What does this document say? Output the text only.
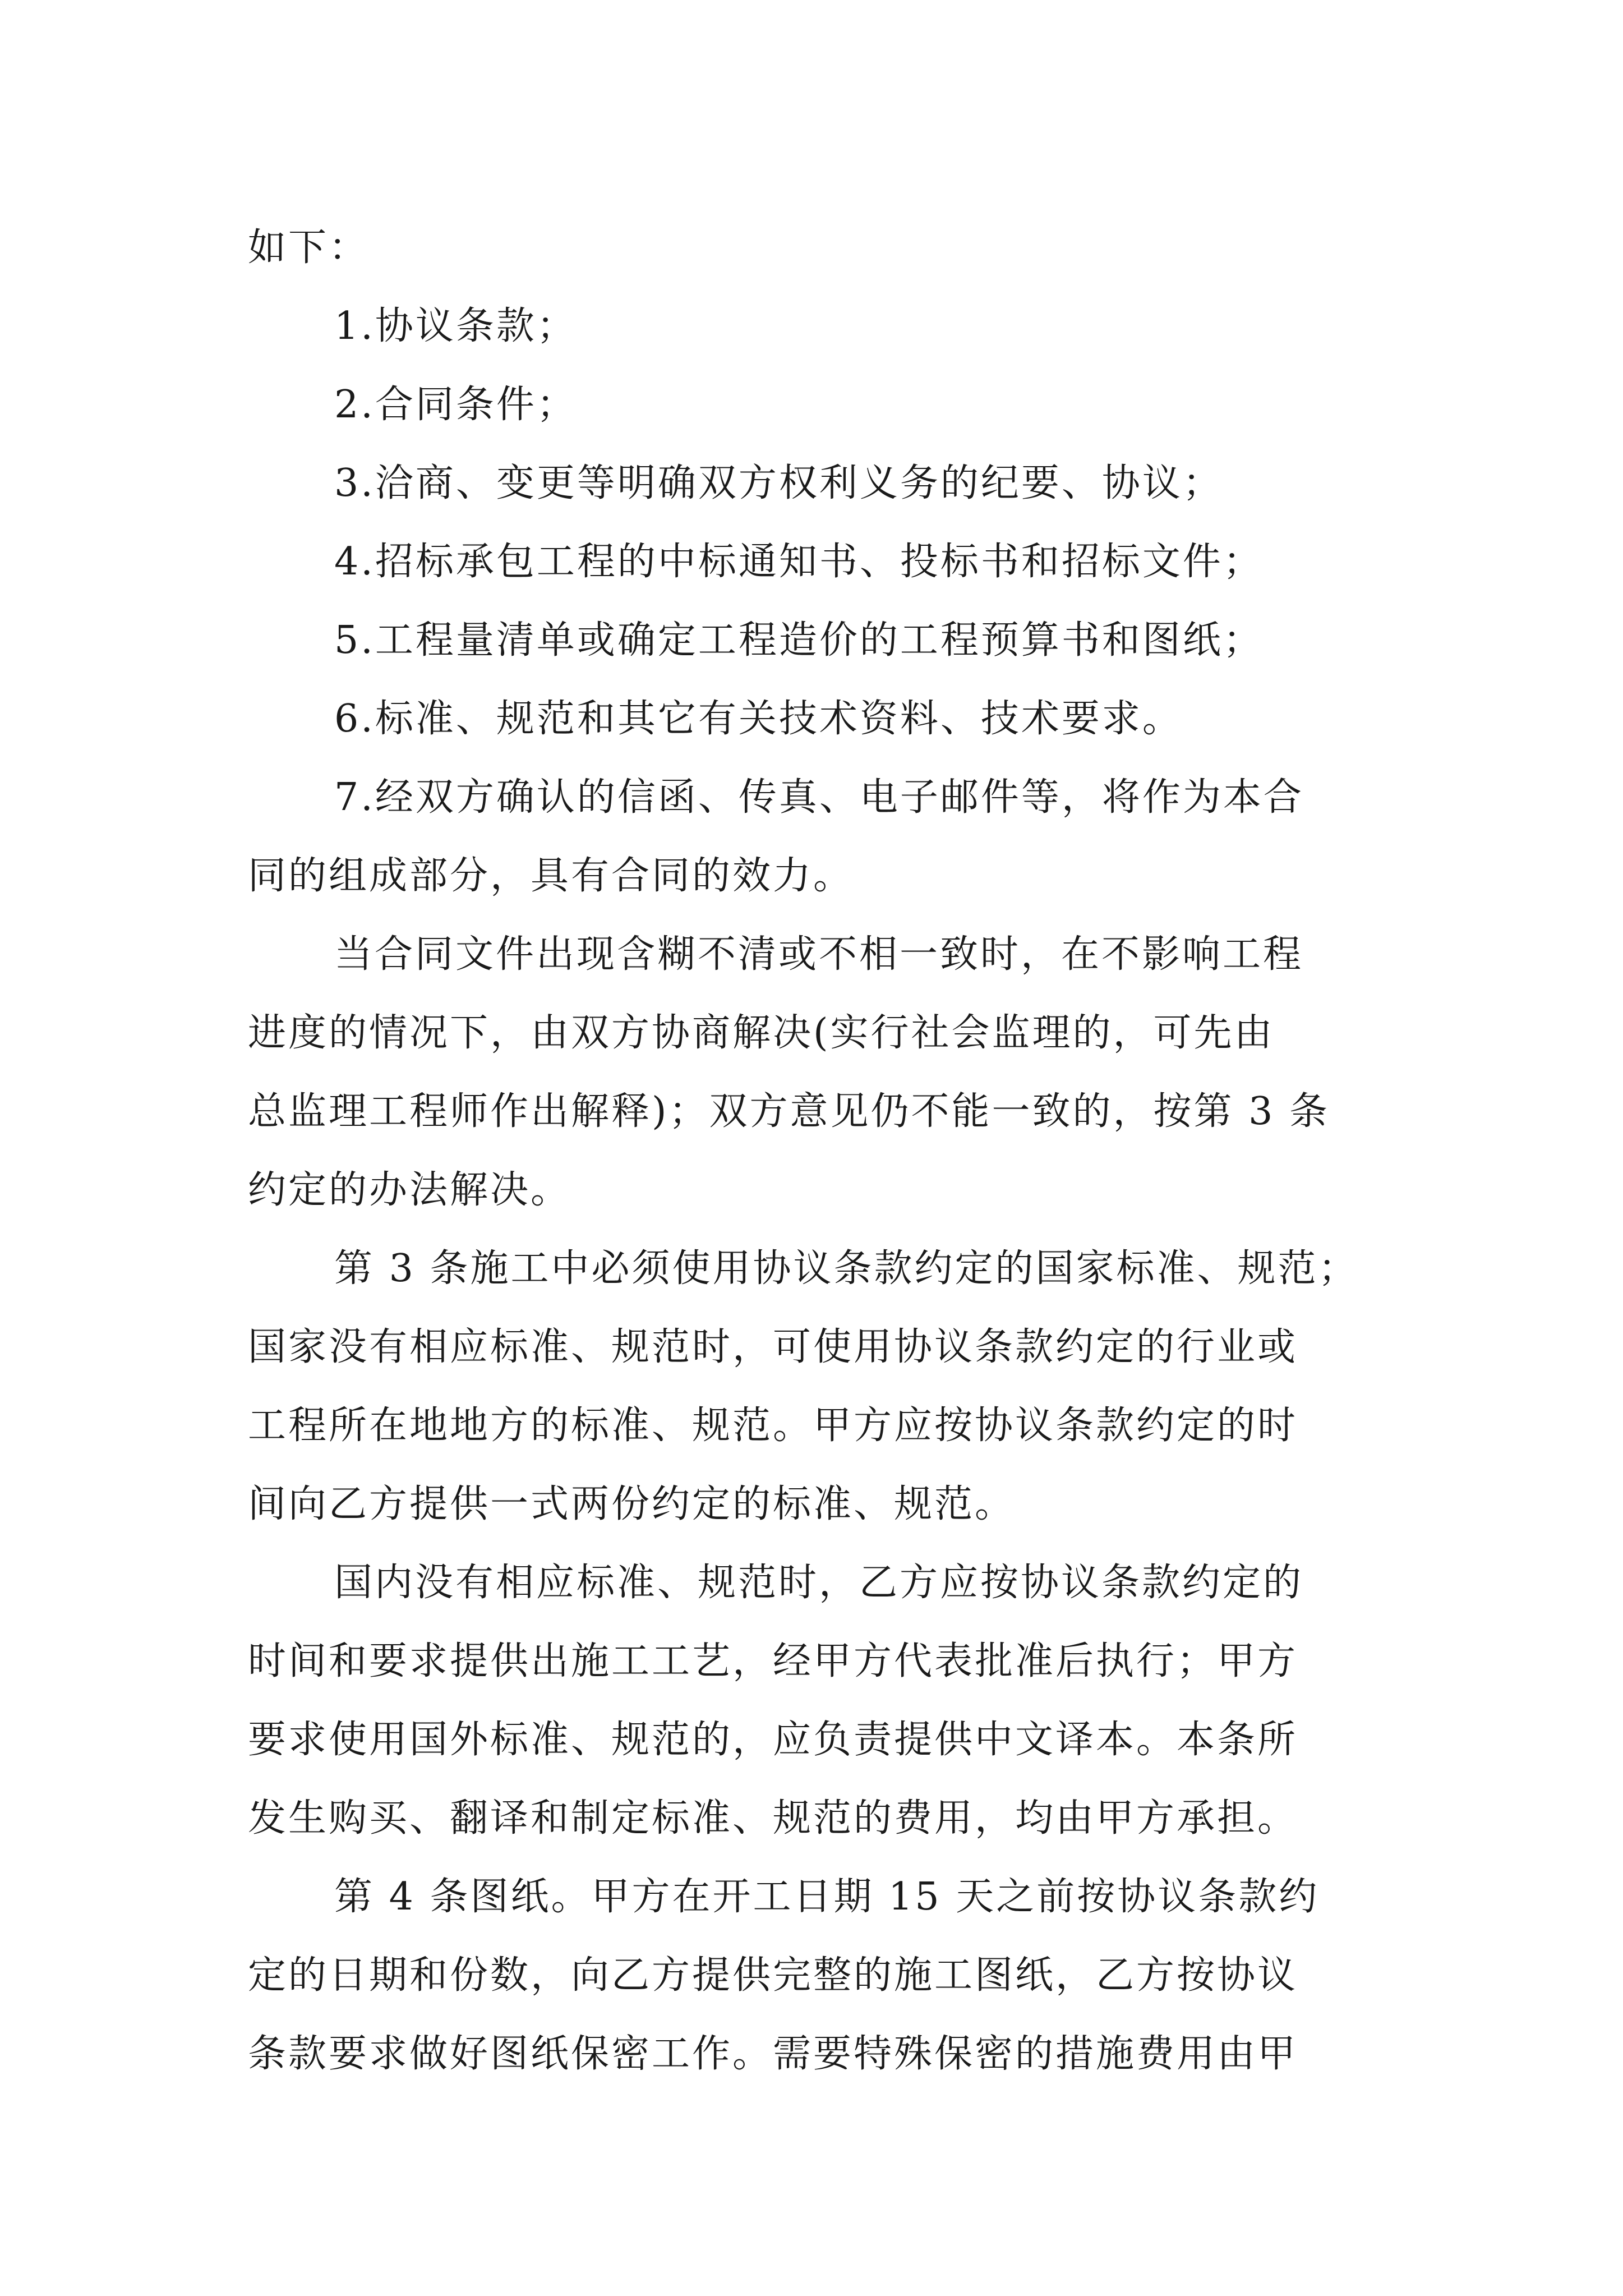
如下：
1.协议条款；
2.合同条件；
3.洽商、变更等明确双方权利义务的纪要、协议；
4.招标承包工程的中标通知书、投标书和招标文件；
5.工程量清单或确定工程造价的工程预算书和图纸；
6.标准、规范和其它有关技术资料、技术要求。
7.经双方确认的信函、传真、电子邮件等，将作为本合
同的组成部分，具有合同的效力。
当合同文件出现含糊不清或不相一致时，在不影响工程
进度的情况下，由双方协商解决(实行社会监理的，可先由
总监理工程师作出解释)；双方意见仍不能一致的，按第 3 条
约定的办法解决。
第 3 条施工中必须使用协议条款约定的国家标准、规范；
国家没有相应标准、规范时，可使用协议条款约定的行业或
工程所在地地方的标准、规范。甲方应按协议条款约定的时
间向乙方提供一式两份约定的标准、规范。
国内没有相应标准、规范时，乙方应按协议条款约定的
时间和要求提供出施工工艺，经甲方代表批准后执行；甲方
要求使用国外标准、规范的，应负责提供中文译本。本条所
发生购买、翻译和制定标准、规范的费用，均由甲方承担。
第 4 条图纸。甲方在开工日期 15 天之前按协议条款约
定的日期和份数，向乙方提供完整的施工图纸，乙方按协议
条款要求做好图纸保密工作。需要特殊保密的措施费用由甲
